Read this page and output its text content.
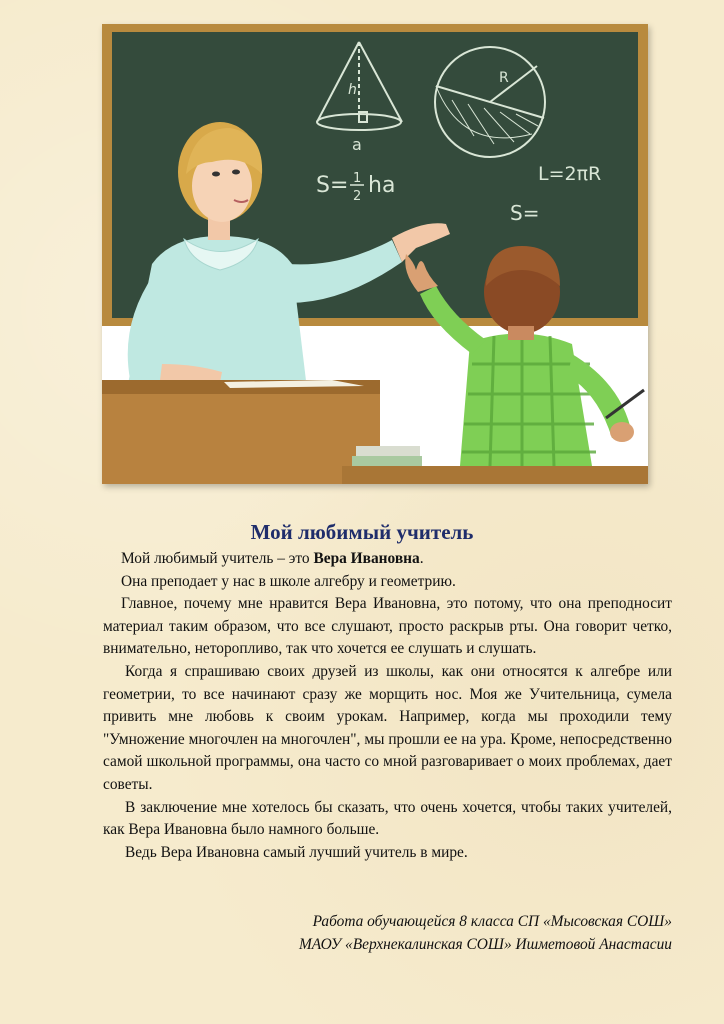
h
a
R
S= 1
2 ha	L=2πR
S=
Мой любимый учитель

Мой любимый учитель – это Вера Ивановна.

Она преподает у нас в школе алгебру и геометрию.

Главное, почему мне нравится Вера Ивановна, это потому, что она преподносит материал таким образом, что все слушают, просто раскрыв рты. Она говорит четко, внимательно, неторопливо, так что хочется ее слушать и слушать.

Когда я спрашиваю своих друзей из школы, как они относятся к алгебре или геометрии, то все начинают сразу же морщить нос. Моя же Учительница, сумела привить мне любовь к своим урокам. Например, когда мы проходили тему "Умножение многочлен на многочлен", мы прошли ее на ура. Кроме, непосредственно самой школьной программы, она часто со мной разговаривает о моих проблемах, дает советы.

В заключение мне хотелось бы сказать, что очень хочется, чтобы таких учителей, как Вера Ивановна было намного больше.

Ведь Вера Ивановна самый лучший учитель в мире.

Работа обучающейся 8 класса СП «Мысовская СОШ»
МАОУ «Верхнекалинская СОШ» Ишметовой Анастасии
